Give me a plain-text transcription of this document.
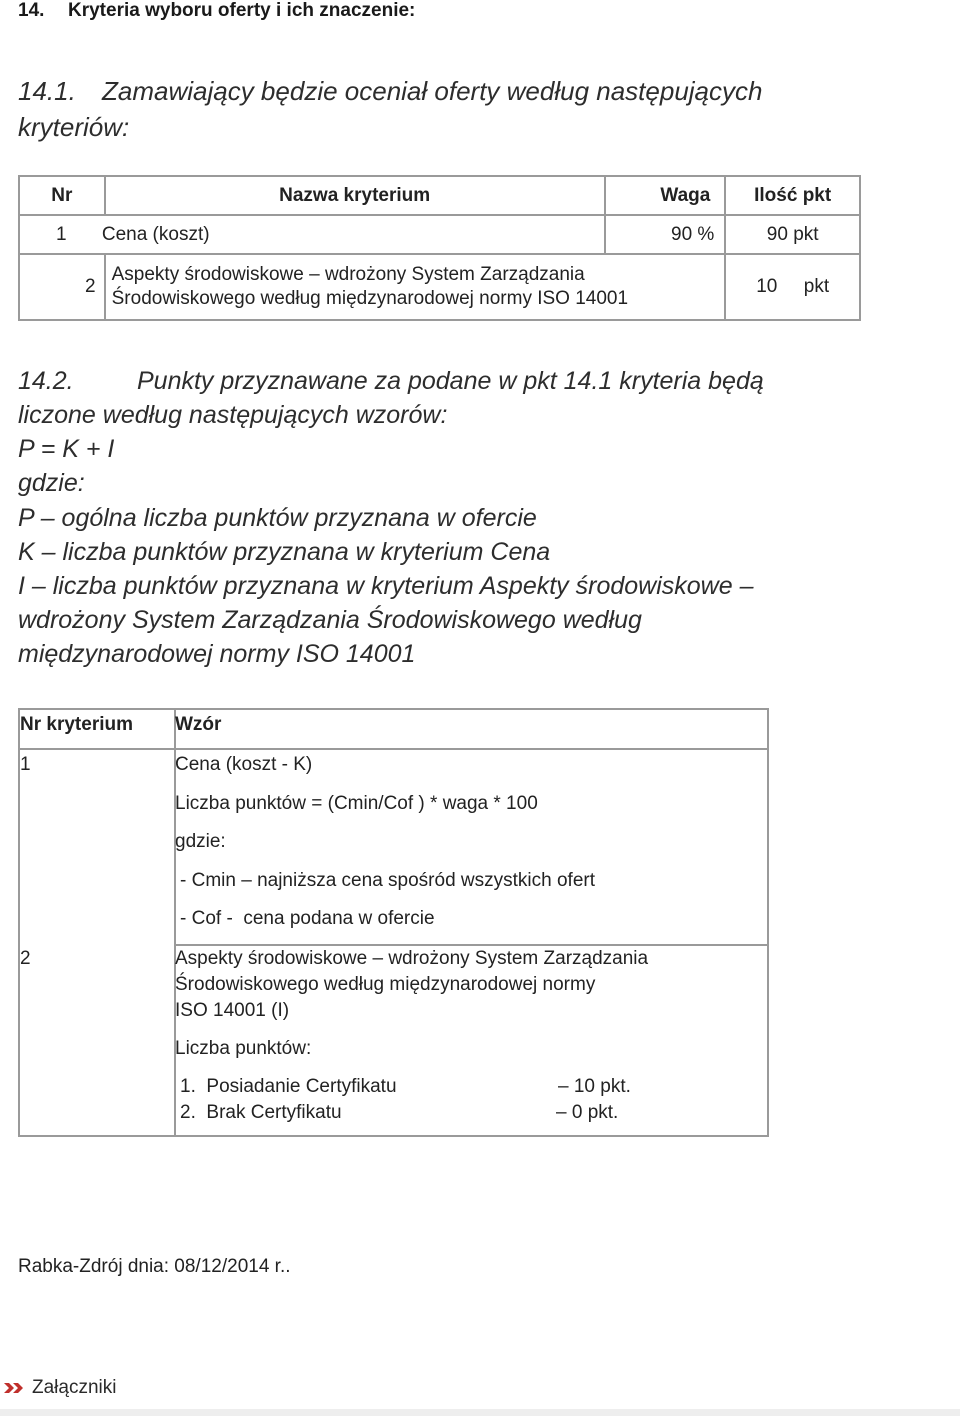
14. Kryteria wyboru oferty i ich znaczenie:
14.1. Zamawiający będzie oceniał oferty według następujących
kryteriów:
Nr	Nazwa kryterium	Waga	Ilość pkt
1 Cena (koszt)		90 %	90 pkt
2	Aspekty środowiskowe – wdrożony System Zarządzania
Środowiskowego według międzynarodowej normy ISO 14001		10     pkt
14.2.	Punkty przyznawane za podane w pkt 14.1 kryteria będą
liczone według następujących wzorów:
P = K + I
gdzie:
P – ogólna liczba punktów przyznana w ofercie
K – liczba punktów przyznana w kryterium Cena
I – liczba punktów przyznana w kryterium Aspekty środowiskowe –
wdrożony System Zarządzania Środowiskowego według
międzynarodowej normy ISO 14001
Nr kryterium Wzór
1	Cena (koszt - K)
Liczba punktów = (Cmin/Cof ) * waga * 100
gdzie:
- Cmin – najniższa cena spośród wszystkich ofert
- Cof -  cena podana w ofercie
2	Aspekty środowiskowe – wdrożony System Zarządzania
Środowiskowego według międzynarodowej normy
ISO 14001 (I)
Liczba punktów:
1.  Posiadanie Certyfikatu	– 10 pkt.
2.  Brak Certyfikatu	– 0 pkt.
Rabka-Zdrój dnia: 08/12/2014 r..
Załączniki
